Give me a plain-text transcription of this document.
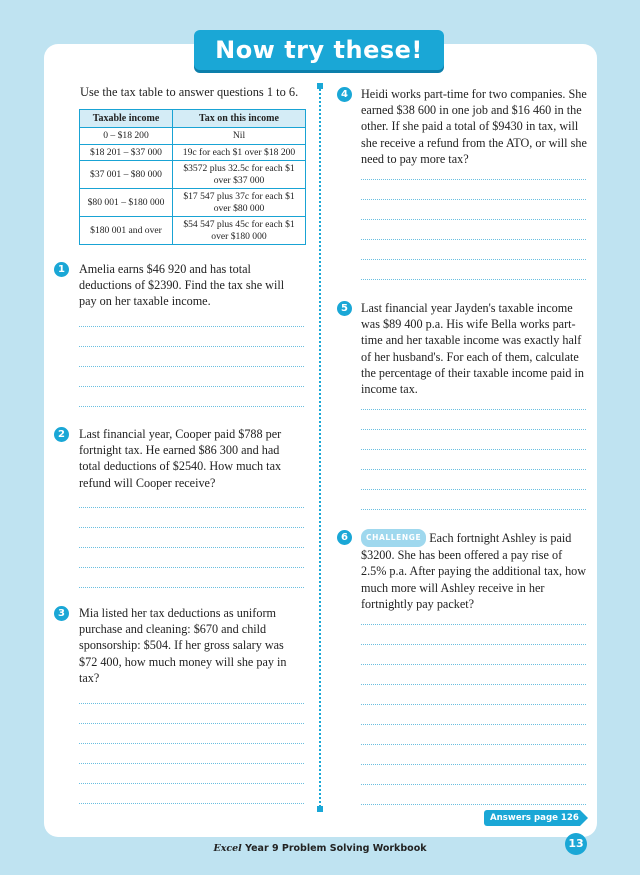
Now try these!
Use the tax table to answer questions 1 to 6.
Taxable income	Tax on this income
0 – $18 200	Nil
$18 201 – $37 000	19c for each $1 over $18 200
$37 001 – $80 000	$3572 plus 32.5c for each $1 over $37 000
$80 001 – $180 000	$17 547 plus 37c for each $1 over $80 000
$180 001 and over	$54 547 plus 45c for each $1 over $180 000
1	Amelia earns $46 920 and has total deductions of $2390. Find the tax she will pay on her taxable income.
2	Last financial year, Cooper paid $788 per fortnight tax. He earned $86 300 and had total deductions of $2540. How much tax refund will Cooper receive?
3	Mia listed her tax deductions as uniform purchase and cleaning: $670 and child sponsorship: $504. If her gross salary was $72 400, how much money will she pay in tax?
4	Heidi works part-time for two companies. She earned $38 600 in one job and $16 460 in the other. If she paid a total of $9430 in tax, will she receive a refund from the ATO, or will she need to pay more tax?
5	Last financial year Jayden's taxable income was $89 400 p.a. His wife Bella works part-time and her taxable income was exactly half of her husband's. For each of them, calculate the percentage of their taxable income paid in income tax.
6	CHALLENGE Each fortnight Ashley is paid $3200. She has been offered a pay rise of 2.5% p.a. After paying the additional tax, how much more will Ashley receive in her fortnightly pay packet?
Answers page 126
Excel Year 9 Problem Solving Workbook	13
